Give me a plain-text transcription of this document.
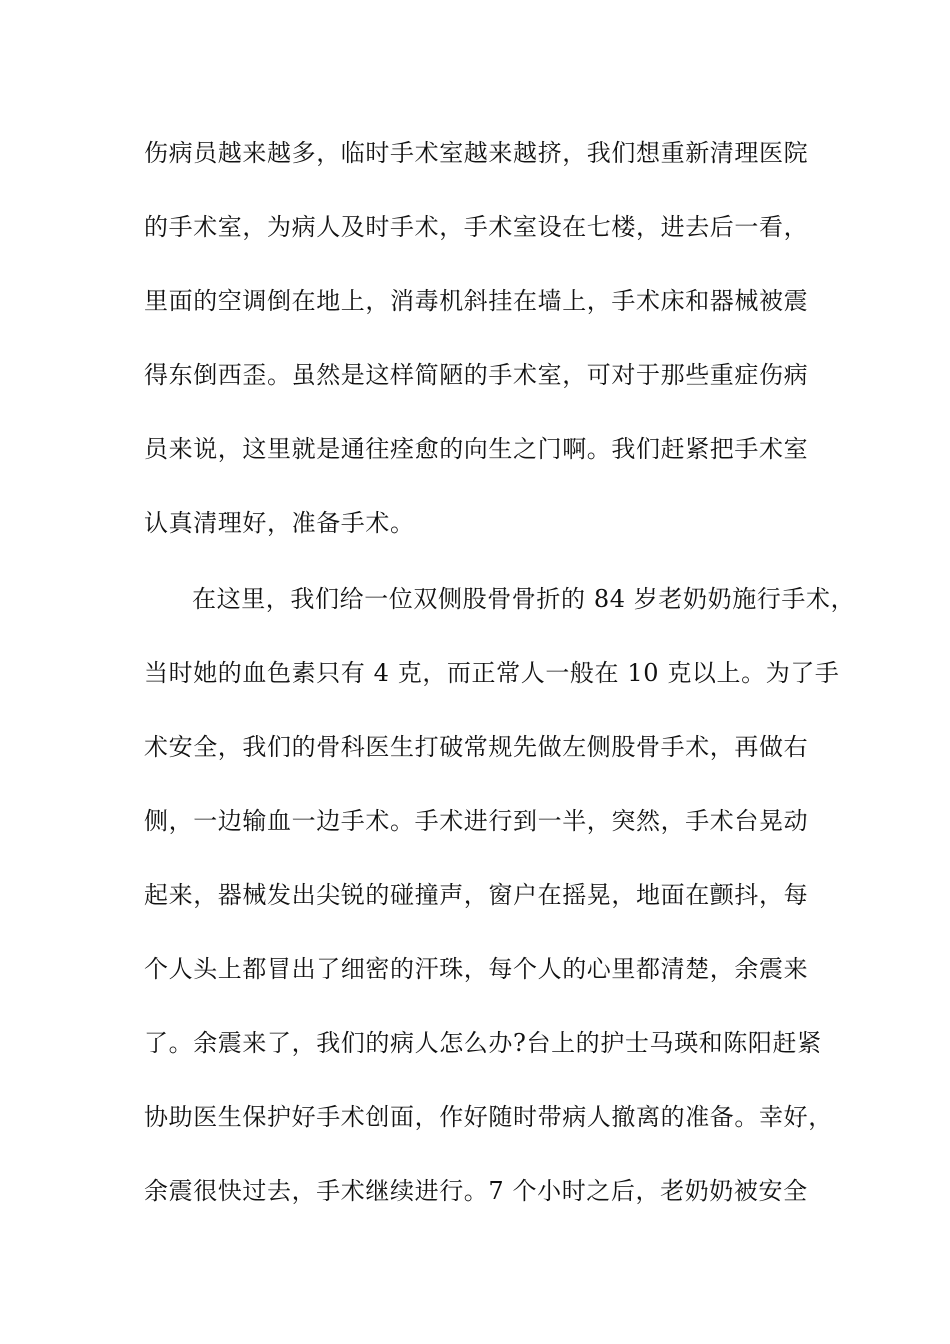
伤病员越来越多，临时手术室越来越挤，我们想重新清理医院
的手术室，为病人及时手术，手术室设在七楼，进去后一看，
里面的空调倒在地上，消毒机斜挂在墙上，手术床和器械被震
得东倒西歪。虽然是这样简陋的手术室，可对于那些重症伤病
员来说，这里就是通往痊愈的向生之门啊。我们赶紧把手术室
认真清理好，准备手术。
在这里，我们给一位双侧股骨骨折的 84 岁老奶奶施行手术，
当时她的血色素只有 4 克，而正常人一般在 10 克以上。为了手
术安全，我们的骨科医生打破常规先做左侧股骨手术，再做右
侧，一边输血一边手术。手术进行到一半，突然，手术台晃动
起来，器械发出尖锐的碰撞声，窗户在摇晃，地面在颤抖，每
个人头上都冒出了细密的汗珠，每个人的心里都清楚，余震来
了。余震来了，我们的病人怎么办?台上的护士马瑛和陈阳赶紧
协助医生保护好手术创面，作好随时带病人撤离的准备。幸好，
余震很快过去，手术继续进行。7 个小时之后，老奶奶被安全
